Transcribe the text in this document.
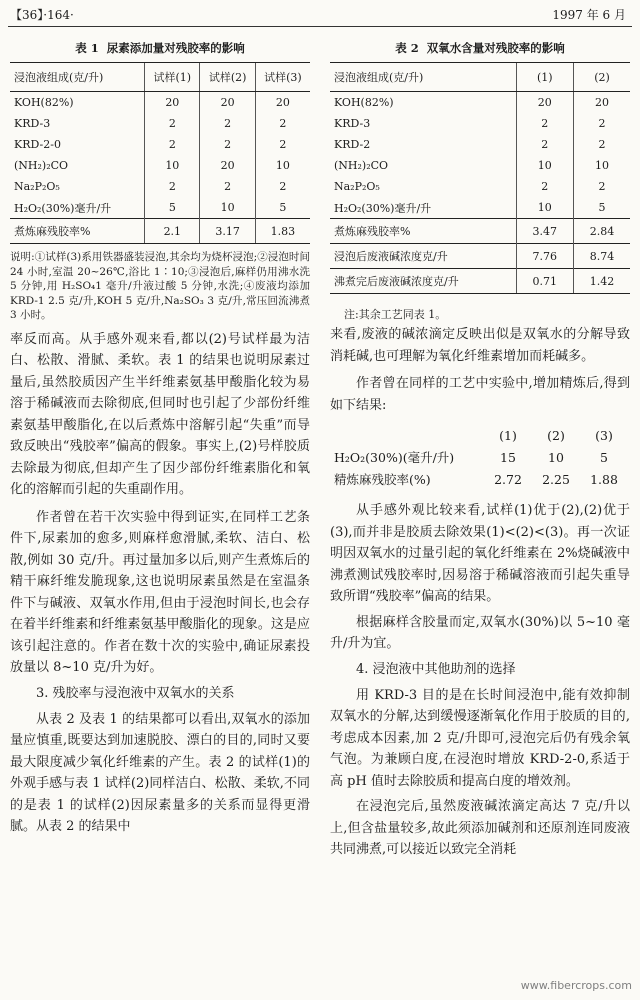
【36】·164·	1997 年 6 月
表 1 尿素添加量对残胶率的影响
浸泡液组成(克/升)	试样(1)	试样(2)	试样(3)
KOH(82%)	20	20	20
KRD-3	2	2	2
KRD-2-0	2	2	2
(NH₂)₂CO	10	20	10
Na₂P₂O₅	2	2	2
H₂O₂(30%)毫升/升	5	10	5
煮炼麻残胶率%	2.1	3.17	1.83
说明:①试样(3)系用铁器盛装浸泡,其余均为烧杯浸泡;②浸泡时间 24 小时,室温 20~26℃,浴比 1∶10;③浸泡后,麻样仍用沸水洗 5 分钟,用 H₂SO₄1 毫升/升液过酸 5 分钟,水洗;④废液均添加 KRD-1 2.5 克/升,KOH 5 克/升,Na₂SO₃ 3 克/升,常压回流沸煮 3 小时。

率反而高。从手感外观来看,都以(2)号试样最为洁白、松散、滑腻、柔软。表 1 的结果也说明尿素过量后,虽然胶质因产生半纤维素氨基甲酸脂化较为易溶于稀碱液而去除彻底,但同时也引起了少部份纤维素氨基甲酸脂化,在以后煮炼中溶解引起“失重”而导致反映出“残胶率”偏高的假象。事实上,(2)号样胶质去除最为彻底,但却产生了因少部份纤维素脂化和氧化的溶解而引起的失重副作用。

作者曾在若干次实验中得到证实,在同样工艺条件下,尿素加的愈多,则麻样愈滑腻,柔软、洁白、松散,例如 30 克/升。再过量加多以后,则产生煮炼后的精干麻纤维发脆现象,这也说明尿素虽然是在室温条件下与碱液、双氧水作用,但由于浸泡时间长,也会存在着半纤维素和纤维素氨基甲酸脂化的现象。这是应该引起注意的。作者在数十次的实验中,确证尿素投放量以 8~10 克/升为好。

3. 残胶率与浸泡液中双氧水的关系

从表 2 及表 1 的结果都可以看出,双氧水的添加量应慎重,既要达到加速脱胶、漂白的目的,同时又要最大限度减少氧化纤维素的产生。表 2 的试样(1)的外观手感与表 1 试样(2)同样洁白、松散、柔软,不同的是表 1 的试样(2)因尿素量多的关系而显得更滑腻。从表 2 的结果中

表 2 双氧水含量对残胶率的影响
浸泡液组成(克/升)	(1)	(2)
KOH(82%)	20	20
KRD-3	2	2
KRD-2	2	2
(NH₂)₂CO	10	10
Na₂P₂O₅	2	2
H₂O₂(30%)毫升/升	10	5
煮炼麻残胶率%	3.47	2.84
浸泡后废液碱浓度克/升	7.76	8.74
沸煮完后废液碱浓度克/升	0.71	1.42
注:其余工艺同表 1。

来看,废液的碱浓滴定反映出似是双氧水的分解导致消耗碱,也可理解为氧化纤维素增加而耗碱多。

作者曾在同样的工艺中实验中,增加精炼后,得到如下结果:

(1)	(2)	(3)
H₂O₂(30%)(毫升/升)	15	10	5
精炼麻残胶率(%)	2.72	2.25	1.88

从手感外观比较来看,试样(1)优于(2),(2)优于(3),而并非是胶质去除效果(1)<(2)<(3)。再一次证明因双氧水的过量引起的氧化纤维素在 2%烧碱液中沸煮测试残胶率时,因易溶于稀碱溶液而引起失重导致所谓“残胶率”偏高的结果。

根据麻样含胶量而定,双氧水(30%)以 5~10 毫升/升为宜。

4. 浸泡液中其他助剂的选择

用 KRD-3 目的是在长时间浸泡中,能有效抑制双氧水的分解,达到缓慢逐渐氧化作用于胶质的目的,考虑成本因素,加 2 克/升即可,浸泡完后仍有残余氧气泡。为兼顾白度,在浸泡时增放 KRD-2-0,系适于高 pH 值时去除胶质和提高白度的增效剂。

在浸泡完后,虽然废液碱浓滴定高达 7 克/升以上,但含盐量较多,故此须添加碱剂和还原剂连同废液共同沸煮,可以接近以致完全消耗

www.fibercrops.com
